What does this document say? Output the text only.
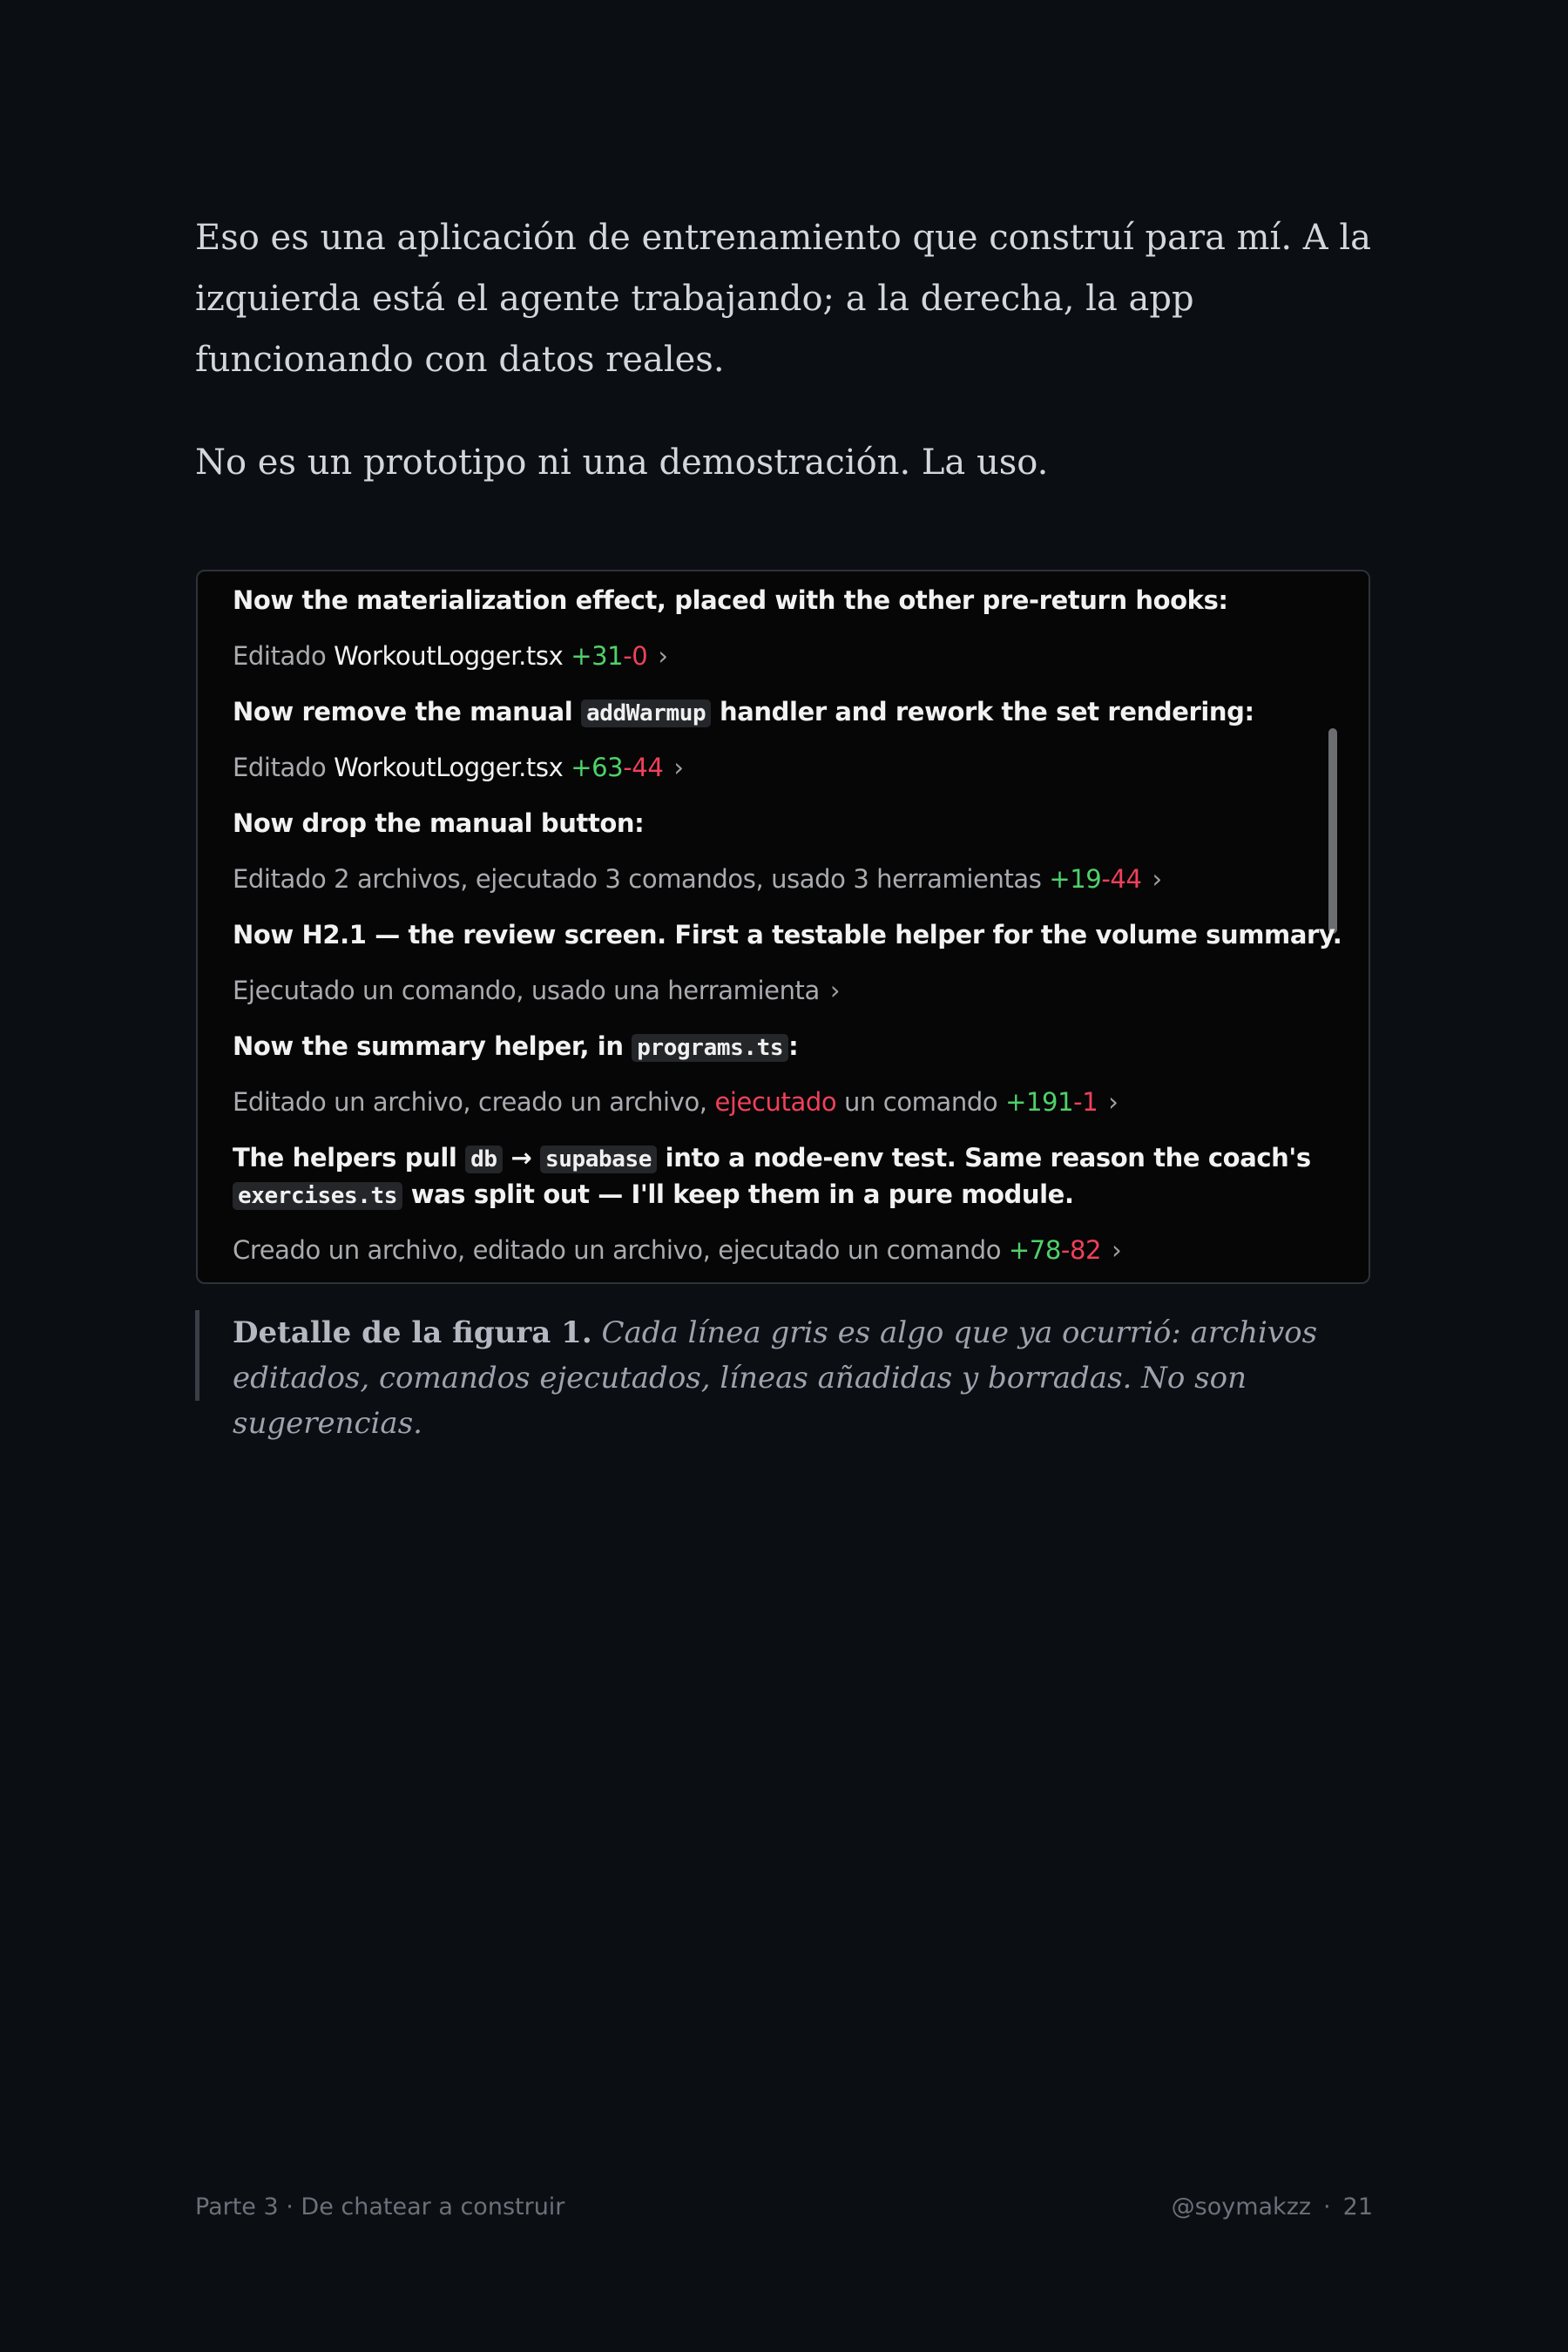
Eso es una aplicación de entrenamiento que construí para mí. A la izquierda está el agente trabajando; a la derecha, la app funcionando con datos reales.

No es un prototipo ni una demostración. La uso.

Now the materialization effect, placed with the other pre-return hooks:
Editado WorkoutLogger.tsx +31-0 ›
Now remove the manual addWarmup handler and rework the set rendering:
Editado WorkoutLogger.tsx +63-44 ›
Now drop the manual button:
Editado 2 archivos, ejecutado 3 comandos, usado 3 herramientas +19-44 ›
Now H2.1 — the review screen. First a testable helper for the volume summary.
Ejecutado un comando, usado una herramienta ›
Now the summary helper, in programs.ts :
Editado un archivo, creado un archivo, ejecutado un comando +191-1 ›
The helpers pull db → supabase into a node-env test. Same reason the coach's
exercises.ts was split out — I'll keep them in a pure module.
Creado un archivo, editado un archivo, ejecutado un comando +78-82 ›
Detalle de la figura 1. Cada línea gris es algo que ya ocurrió: archivos editados, comandos ejecutados, líneas añadidas y borradas. No son sugerencias.
Parte 3 · De chatear a construir	@soymakzz · 21
